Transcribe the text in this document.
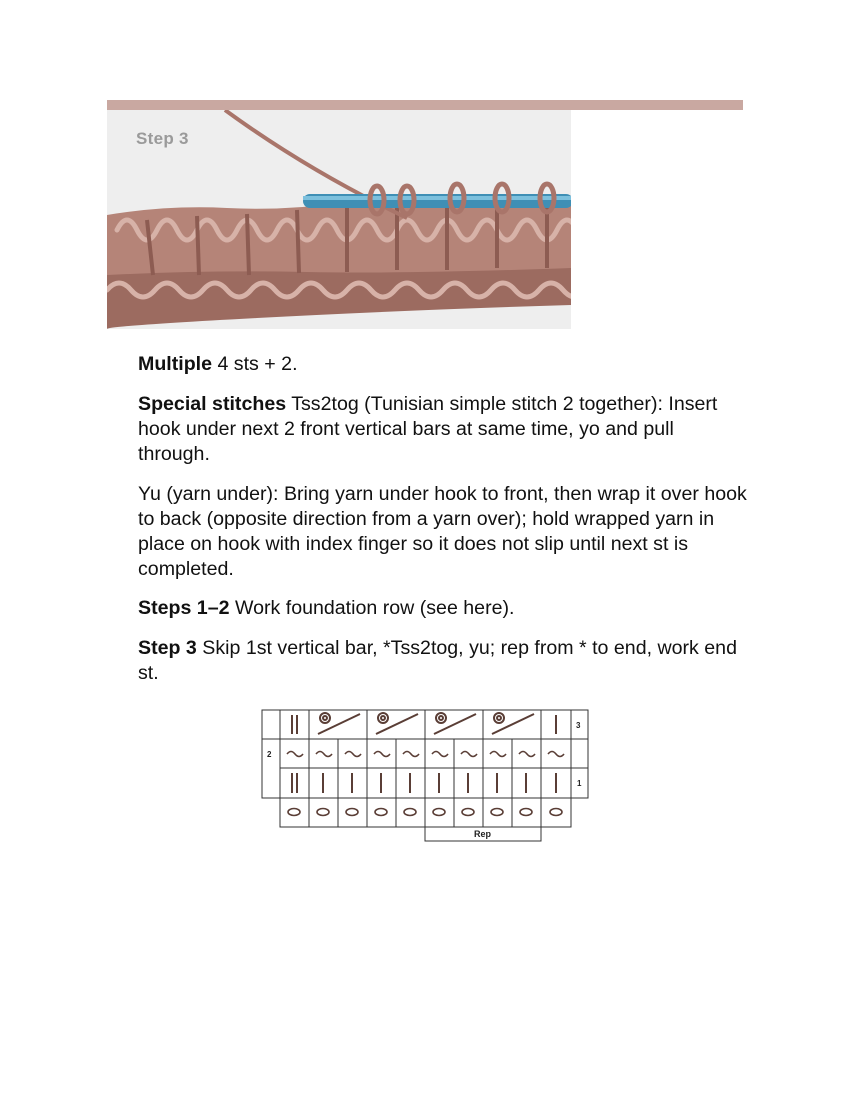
Step 3
Multiple 4 sts + 2.
Special stitches Tss2tog (Tunisian simple stitch 2 together): Insert hook under next 2 front vertical bars at same time, yo and pull through.
Yu (yarn under): Bring yarn under hook to front, then wrap it over hook to back (opposite direction from a yarn over); hold wrapped yarn in place on hook with index finger so it does not slip until next st is completed.
Steps 1–2 Work foundation row (see here).
Step 3 Skip 1st vertical bar, *Tss2tog, yu; rep from * to end, work end st.
3
2
1
Rep
